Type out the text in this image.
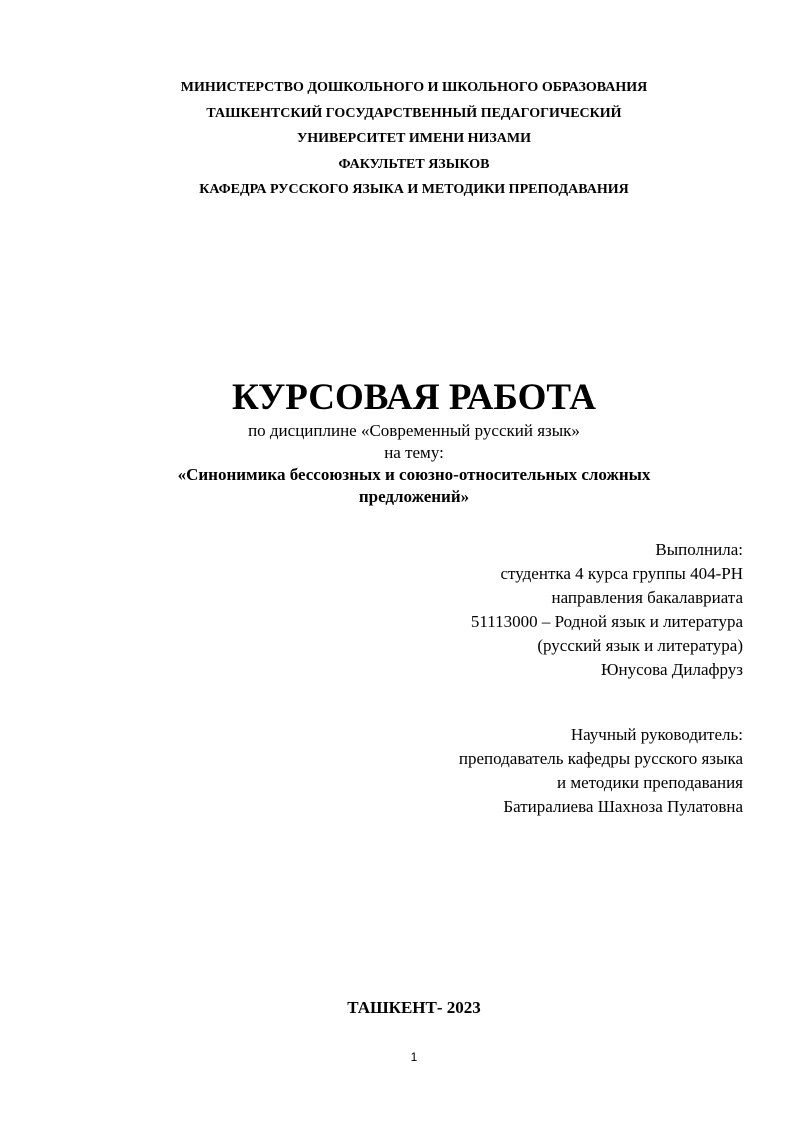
МИНИСТЕРСТВО ДОШКОЛЬНОГО И ШКОЛЬНОГО ОБРАЗОВАНИЯ
ТАШКЕНТСКИЙ ГОСУДАРСТВЕННЫЙ ПЕДАГОГИЧЕСКИЙ
УНИВЕРСИТЕТ ИМЕНИ НИЗАМИ
ФАКУЛЬТЕТ ЯЗЫКОВ
КАФЕДРА РУССКОГО ЯЗЫКА И МЕТОДИКИ ПРЕПОДАВАНИЯ
КУРСОВАЯ РАБОТА
по дисциплине «Современный русский язык»
на тему:
«Синонимика бессоюзных и союзно-относительных сложных
предложений»
Выполнила:
студентка 4 курса группы 404-РН
направления бакалавриата
51113000 – Родной язык и литература
(русский язык и литература)
Юнусова Дилафруз
Научный руководитель:
преподаватель кафедры русского языка
и методики преподавания
Батиралиева Шахноза Пулатовна
ТАШКЕНТ- 2023
1
